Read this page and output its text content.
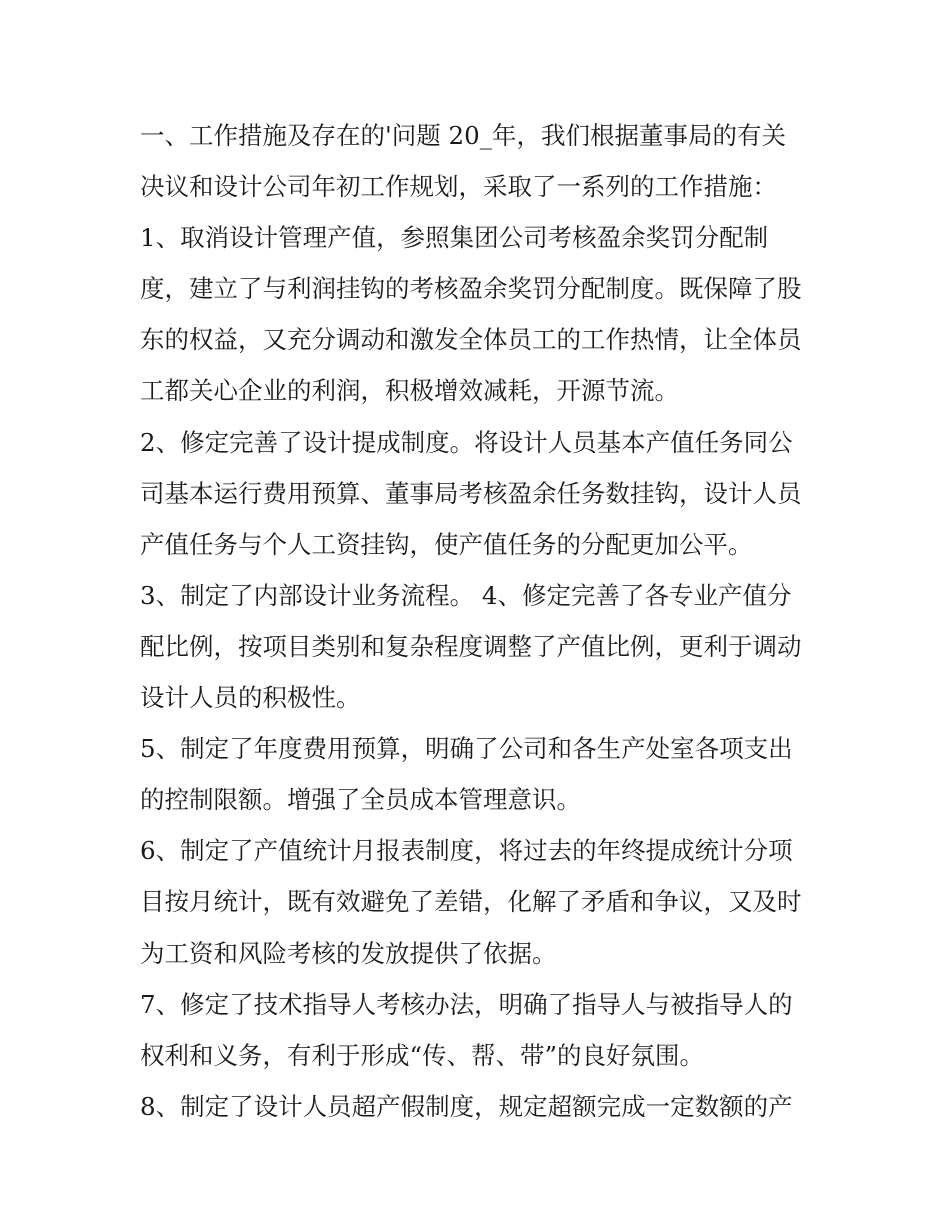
一、工作措施及存在的'问题 20_年，我们根据董事局的有关
决议和设计公司年初工作规划，采取了一系列的工作措施：
1、取消设计管理产值，参照集团公司考核盈余奖罚分配制
度，建立了与利润挂钩的考核盈余奖罚分配制度。既保障了股
东的权益，又充分调动和激发全体员工的工作热情，让全体员
工都关心企业的利润，积极增效减耗，开源节流。
2、修定完善了设计提成制度。将设计人员基本产值任务同公
司基本运行费用预算、董事局考核盈余任务数挂钩，设计人员
产值任务与个人工资挂钩，使产值任务的分配更加公平。
3、制定了内部设计业务流程。 4、修定完善了各专业产值分
配比例，按项目类别和复杂程度调整了产值比例，更利于调动
设计人员的积极性。
5、制定了年度费用预算，明确了公司和各生产处室各项支出
的控制限额。增强了全员成本管理意识。
6、制定了产值统计月报表制度，将过去的年终提成统计分项
目按月统计，既有效避免了差错，化解了矛盾和争议，又及时
为工资和风险考核的发放提供了依据。
7、修定了技术指导人考核办法，明确了指导人与被指导人的
权利和义务，有利于形成“传、帮、带”的良好氛围。
8、制定了设计人员超产假制度，规定超额完成一定数额的产
